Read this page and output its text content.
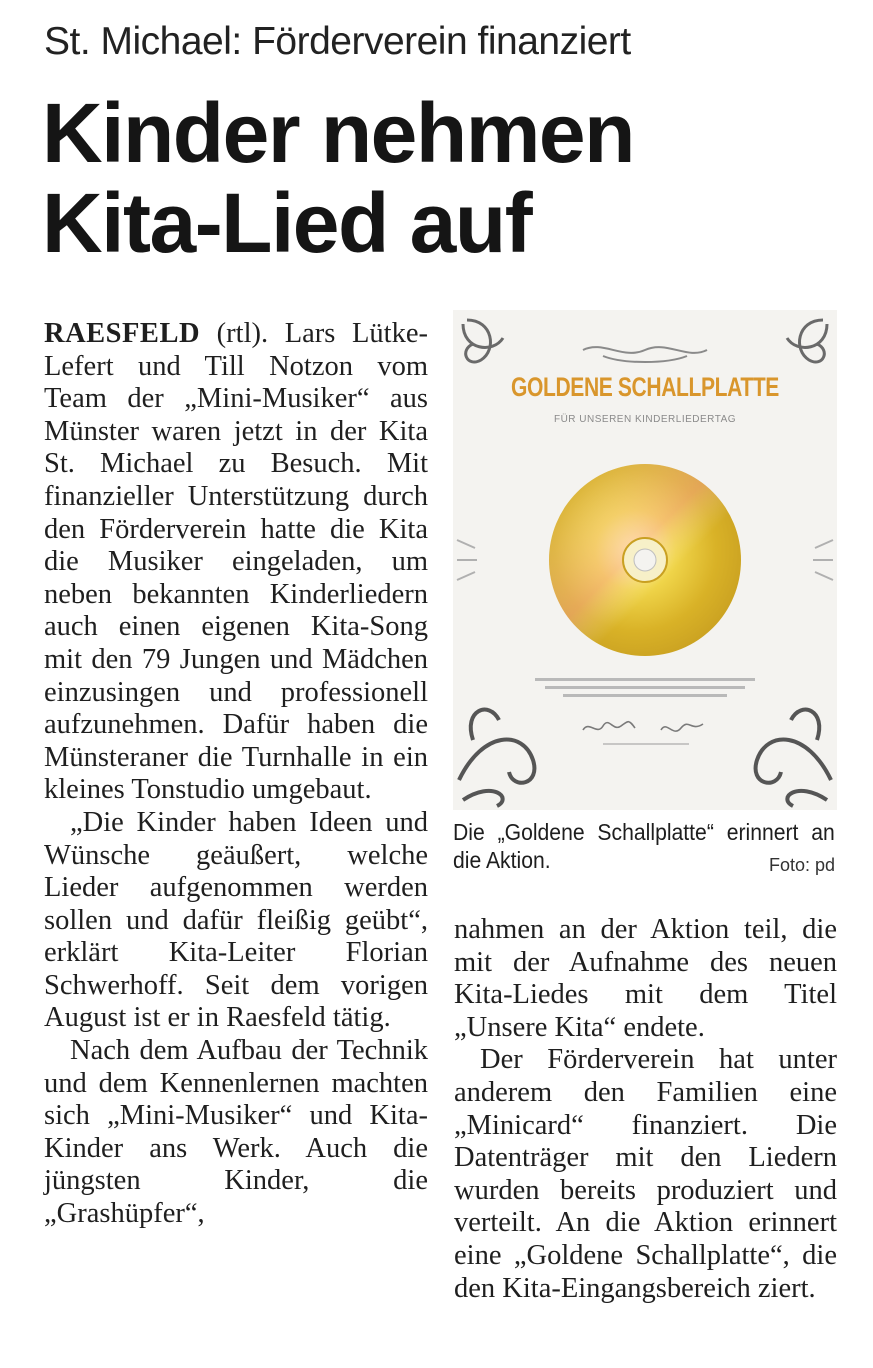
St. Michael: Förderverein finanziert
Kinder nehmen
Kita-Lied auf

RAESFELD (rtl). Lars Lütke-Lefert und Till Notzon vom Team der „Mini-Musiker“ aus Münster waren jetzt in der Kita St. Michael zu Besuch. Mit finanzieller Unterstützung durch den Förderverein hatte die Kita die Musiker eingeladen, um neben bekannten Kinderliedern auch einen eigenen Kita-Song mit den 79 Jungen und Mädchen einzusingen und professionell aufzunehmen. Dafür haben die Münsteraner die Turnhalle in ein kleines Tonstudio umgebaut.

„Die Kinder haben Ideen und Wünsche geäußert, welche Lieder aufgenommen werden sollen und dafür fleißig geübt“, erklärt Kita-Leiter Florian Schwerhoff. Seit dem vorigen August ist er in Raesfeld tätig.

Nach dem Aufbau der Technik und dem Kennenlernen machten sich „Mini-Musiker“ und Kita-Kinder ans Werk. Auch die jüngsten Kinder, die „Grashüpfer“,

GOLDENE SCHALLPLATTE
FÜR UNSEREN KINDERLIEDERTAG
Die „Goldene Schallplatte“ erinnert an die Aktion.	Foto: pd

nahmen an der Aktion teil, die mit der Aufnahme des neuen Kita-Liedes mit dem Titel „Unsere Kita“ endete.

Der Förderverein hat unter anderem den Familien eine „Minicard“ finanziert. Die Datenträger mit den Liedern wurden bereits produziert und verteilt. An die Aktion erinnert eine „Goldene Schallplatte“, die den Kita-Eingangsbereich ziert.
